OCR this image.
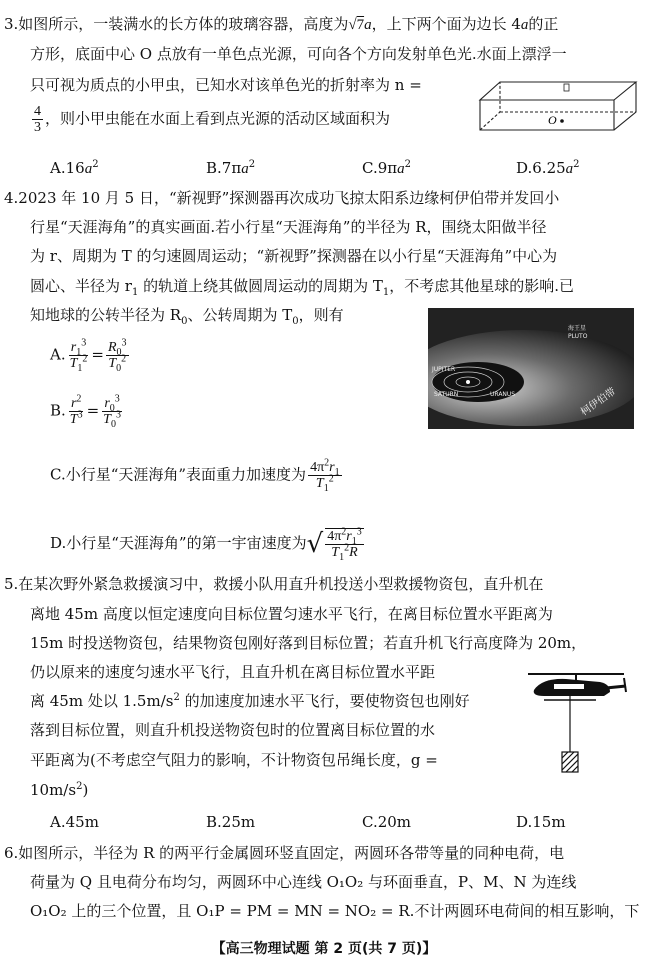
3.如图所示，一装满水的长方体的玻璃容器，高度为√7a，上下两个面为边长 4a的正
方形，底面中心 O 点放有一单色点光源，可向各个方向发射单色光.水面上漂浮一
只可视为质点的小甲虫，已知水对该单色光的折射率为 n =
$\frac{4}{3}$ ，则小甲虫能在水面上看到点光源的活动区域面积为	O
$A.16a^2$	$B.7\pi a^2$	$C.9\pi a^2$	$D.6.25a^2$
4.2023 年 10 月 5 日，“新视野”探测器再次成功飞掠太阳系边缘柯伊伯带并发回小
行星“天涯海角”的真实画面.若小行星“天涯海角”的半径为 R，围绕太阳做半径
为 r、周期为 T 的匀速圆周运动；“新视野”探测器在以小行星“天涯海角”中心为
圆心、半径为 $r_1$ 的轨道上绕其做圆周运动的周期为 $T_1$，不考虑其他星球的影响.已
知地球的公转半径为 $R_0$、公转周期为 $T_0$，则有
JUPITER
SATURN	URANUS
PLUTO
海王星
柯伊伯带
A. $\frac{r_1^3}{T_1^2} = \frac{R_0^3}{T_0^2}$
B. $\frac{r^2}{T^3} = \frac{r_0^3}{T_0^3}$
C.小行星“天涯海角”表面重力加速度为 $\frac{4\pi^2r_1}{T_1^2}$
D.小行星“天涯海角”的第一宇宙速度为√ $\frac{4\pi^2r_1^3}{T_1^2R}$
5.在某次野外紧急救援演习中，救援小队用直升机投送小型救援物资包，直升机在
离地 45m 高度以恒定速度向目标位置匀速水平飞行，在离目标位置水平距离为
15m 时投送物资包，结果物资包刚好落到目标位置；若直升机飞行高度降为 20m，
仍以原来的速度匀速水平飞行，且直升机在离目标位置水平距
离 45m 处以 $1.5m/s^2$ 的加速度加速水平飞行，要使物资包也刚好
落到目标位置，则直升机投送物资包时的位置离目标位置的水
平距离为(不考虑空气阻力的影响，不计物资包吊绳长度，g =
$10m/s^2$)
A.45m	B.25m	C.20m	D.15m
6.如图所示，半径为 R 的两平行金属圆环竖直固定，两圆环各带等量的同种电荷，电
荷量为 Q 且电荷分布均匀，两圆环中心连线 O₁O₂ 与环面垂直，P、M、N 为连线
O₁O₂ 上的三个位置，且 O₁P = PM = MN = NO₂ = R.不计两圆环电荷间的相互影响，下
【高三物理试题 第 2 页(共 7 页)】
